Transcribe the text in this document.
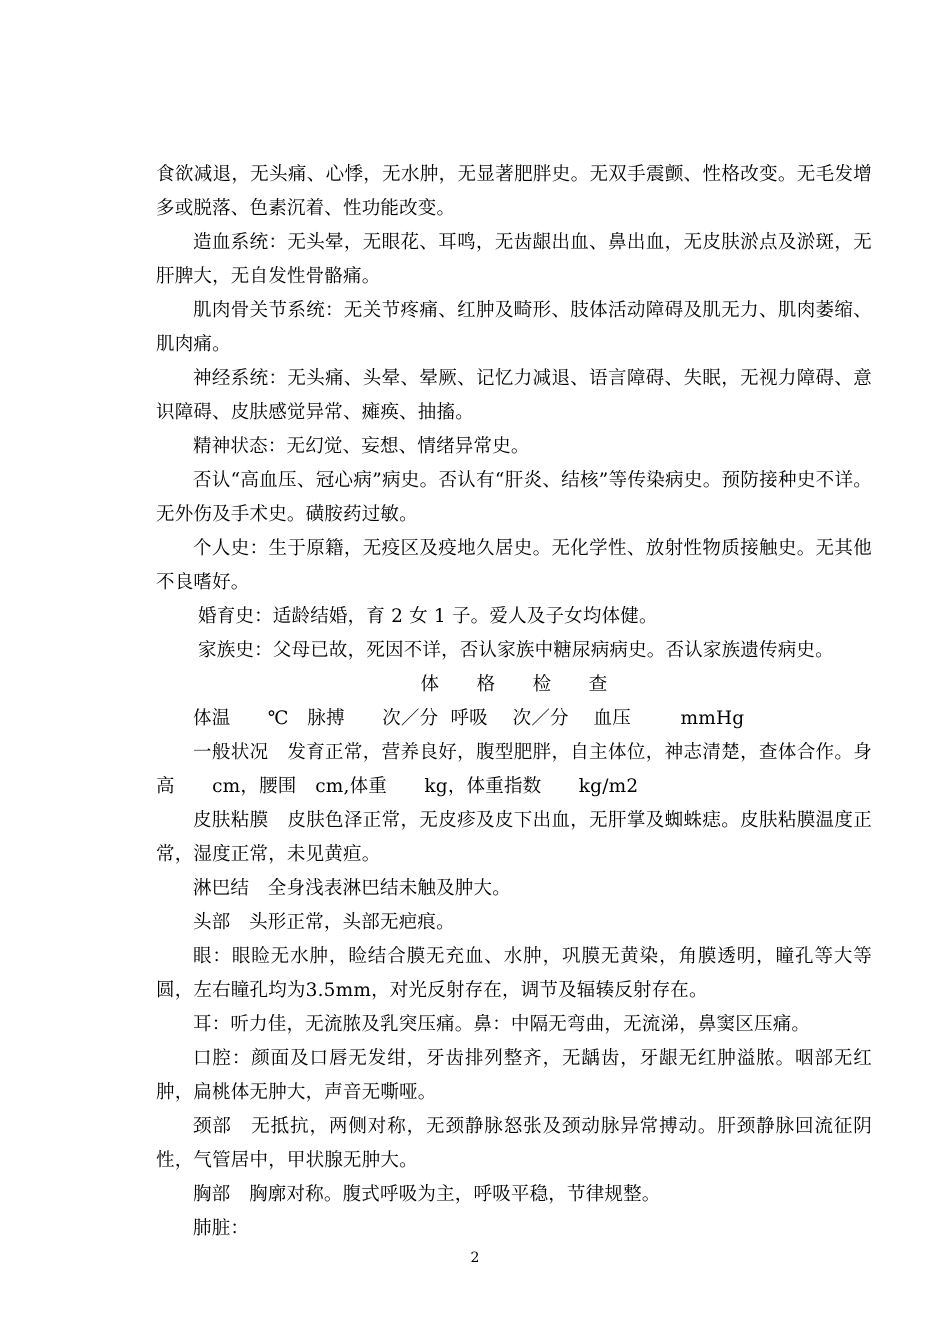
食欲减退，无头痛、心悸，无水肿，无显著肥胖史。无双手震颤、性格改变。无毛发增多或脱落、色素沉着、性功能改变。

造血系统：无头晕，无眼花、耳鸣，无齿龈出血、鼻出血，无皮肤淤点及淤斑，无肝脾大，无自发性骨骼痛。

肌肉骨关节系统：无关节疼痛、红肿及畸形、肢体活动障碍及肌无力、肌肉萎缩、肌肉痛。

神经系统：无头痛、头晕、晕厥、记忆力减退、语言障碍、失眠，无视力障碍、意识障碍、皮肤感觉异常、瘫痪、抽搐。

精神状态：无幻觉、妄想、情绪异常史。

否认“高血压、冠心病”病史。否认有“肝炎、结核”等传染病史。预防接种史不详。无外伤及手术史。磺胺药过敏。

个人史：生于原籍，无疫区及疫地久居史。无化学性、放射性物质接触史。无其他不良嗜好。

婚育史：适龄结婚，育 2 女 1 子。爱人及子女均体健。

家族史：父母已故，死因不详，否认家族中糖尿病病史。否认家族遗传病史。

体　　格　　检　　查

体温　　℃　脉搏　　次／分  呼吸　 次／分　 血压　　  mmHg

一般状况　发育正常，营养良好，腹型肥胖，自主体位，神志清楚，查体合作。身高　　cm，腰围　cm,体重　　kg，体重指数　　kg/m2

皮肤粘膜　皮肤色泽正常，无皮疹及皮下出血，无肝掌及蜘蛛痣。皮肤粘膜温度正常，湿度正常，未见黄疸。

淋巴结　全身浅表淋巴结未触及肿大。

头部　头形正常，头部无疤痕。

眼：眼睑无水肿，睑结合膜无充血、水肿，巩膜无黄染，角膜透明，瞳孔等大等圆，左右瞳孔均为3.5mm，对光反射存在，调节及辐辏反射存在。

耳：听力佳，无流脓及乳突压痛。鼻：中隔无弯曲，无流涕，鼻窦区压痛。

口腔：颜面及口唇无发绀，牙齿排列整齐，无龋齿，牙龈无红肿溢脓。咽部无红肿，扁桃体无肿大，声音无嘶哑。

颈部　无抵抗，两侧对称，无颈静脉怒张及颈动脉异常搏动。肝颈静脉回流征阴性，气管居中，甲状腺无肿大。

胸部　胸廓对称。腹式呼吸为主，呼吸平稳，节律规整。

肺脏：

2
